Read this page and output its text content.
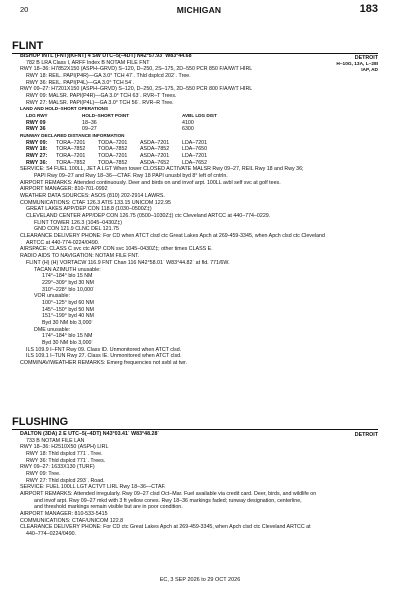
20	MICHIGAN	183
FLINT
DETROIT
H–10G, 13A, L–28I
IAP, AD
BISHOP INTL (FNT)(KFNT) 4 SW UTC–5(–4DT) N42°57.93´ W83°44.68´
782 B LRA Class I, ARFF Index B NOTAM FILE FNT
RWY 18–36: H7852X150 (ASPH–GRVD) S–120, D–250, 2S–175, 2D–550 PCR 850 F/A/W/T HIRL
RWY 18: REIL. PAPI(P4R)—GA 3.0° TCH 47´. Thld dsplcd 202´. Tree.
RWY 36: REIL. PAPI(P4L)—GA 3.0° TCH 54´.
RWY 09–27: H7201X150 (ASPH–GRVD) S–120, D–250, 2S–175, 2D–550 PCR 800 F/A/W/T HIRL
RWY 09: MALSR. PAPI(P4R)—GA 3.0° TCH 63´. RVR–T Trees.
RWY 27: MALSR. PAPI(P4L)—GA 3.0° TCH 56´. RVR–R Tree.
LAND AND HOLD–SHORT OPERATIONS
LDG RWY	HOLD–SHORT POINT	AVBL LDG DIST
RWY 09	18–36	4100
RWY 36	09–27	6300
RUNWAY DECLARED DISTANCE INFORMATION
RWY 09:	TORA–7201	TODA–7201	ASDA–7201	LDA–7201
RWY 18:	TORA–7852	TODA–7852	ASDA–7852	LDA–7650
RWY 27:	TORA–7201	TODA–7201	ASDA–7201	LDA–7201
RWY 36:	TORA–7852	TODA–7852	ASDA–7652	LDA–7652
SERVICE: S4 FUEL 100LL, JET A LGT When tower CLOSED ACTIVATE MALSR Rwy 09–27, REIL Rwy 18 and Rwy 36;
PAPI Rwy 09–27 and Rwy 18–36—CTAF. Rwy 18 PAPI unusbl byd 8° left of cntrln.
AIRPORT REMARKS: Attended continuously. Deer and birds on and invof arpt. 100LL avbl self svc at golf tees.
AIRPORT MANAGER: 810-701-0992
WEATHER DATA SOURCES: ASOS (810) 202-2914 LAWRS.
COMMUNICATIONS: CTAF 126.3 ATIS 133.15 UNICOM 122.95
GREAT LAKES APP/DEP CON 118.8 (1030–0500Z‡)
CLEVELAND CENTER APP/DEP CON 126.75 (0500–1030Z‡) ctc Cleveland ARTCC at 440–774–0229.
FLINT TOWER 126.3 (1045–0430Z‡)
GND CON 121.9 CLNC DEL 121.75
CLEARANCE DELIVERY PHONE: For CD when ATCT clsd ctc Great Lakes Apch at 269-459-3345, when Apch clsd ctc Cleveland
ARTCC at 440-774-0224/0490.
AIRSPACE: CLASS C svc ctc APP CON svc 1045–0430Z‡; other times CLASS E.
RADIO AIDS TO NAVIGATION: NOTAM FILE FNT.
FLINT (H) (H) VORTACW 116.9 FNT Chan 116 N42°58.01´ W83°44.82´ at fld. 771/6W.
TACAN AZIMUTH unusable:
174°–184° blo 15 NM
229°–309° byd 30 NM
310°–228° blo 10,000´
VOR unusable:
100°–125° byd 60 NM
145°–150° byd 50 NM
151°–199° byd 40 NM
Byd 30 NM blo 3,000´
DME unusable:
174°–184° blo 15 NM
Byd 30 NM blo 3,000´
ILS 109.9 I–FNT Rwy 09. Class ID. Unmonitored when ATCT clsd.
ILS 109.1 I–TUN Rwy 27. Class IE. Unmonitored when ATCT clsd.
COMM/NAV/WEATHER REMARKS: Emerg frequencies not avbl at twr.
FLUSHING
DETROIT
DALTON (3DA) 2 E UTC–5(–4DT) N43°03.41´ W83°48.28´
733 B NOTAM FILE LAN
RWY 18–36: H2510X50 (ASPH) LIRL
RWY 18: Thld dsplcd 771´. Tree.
RWY 36: Thld dsplcd 771´. Trees.
RWY 09–27: 1633X130 (TURF)
RWY 09: Tree.
RWY 27: Thld dsplcd 293´. Road.
SERVICE: FUEL 100LL LGT ACTVT LIRL Rwy 18–36—CTAF.
AIRPORT REMARKS: Attended irregularly. Rwy 09–27 clsd Oct–Mar. Fuel available via credit card. Deer, birds, and wildlife on
and invof arpt. Rwy 09–27 mkd with 3 ft yellow cones. Rwy 18–36 markings faded; runway designation, centerline,
and threshold markings remain visible but are in poor condition.
AIRPORT MANAGER: 810-533-5415
COMMUNICATIONS: CTAF/UNICOM 122.8
CLEARANCE DELIVERY PHONE: For CD ctc Great Lakes Apch at 269-459-3345, when Apch clsd ctc Cleveland ARTCC at
440–774–0224/0490.
EC, 3 SEP 2026 to 29 OCT 2026
